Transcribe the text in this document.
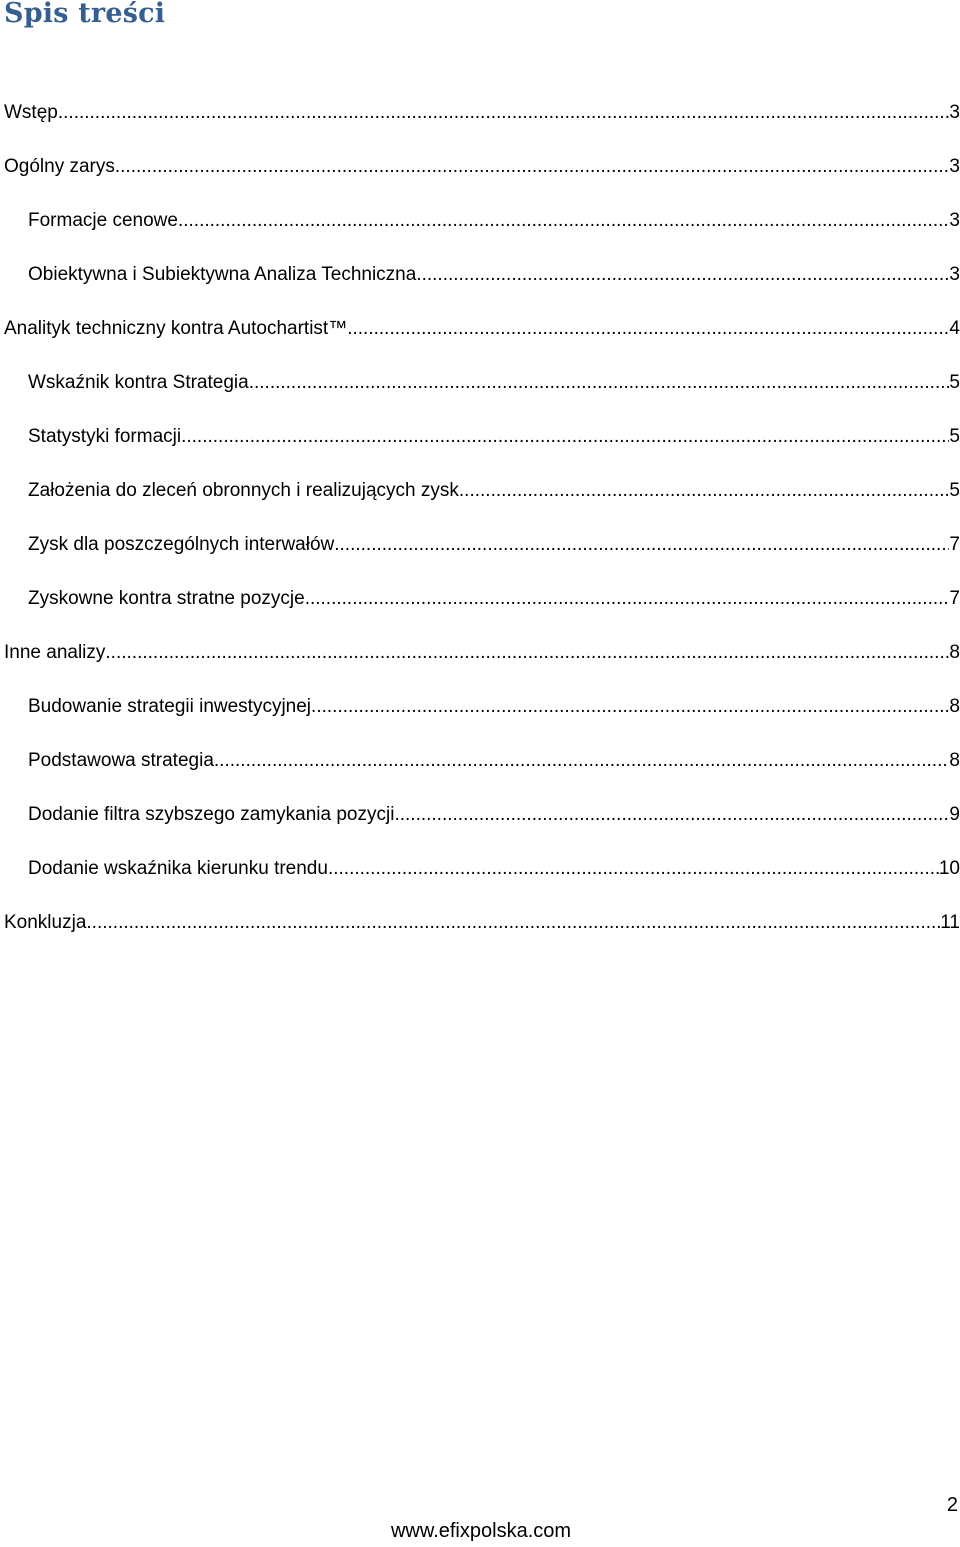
Spis treści
Wstęp .....	3
Ogólny zarys .....	3
Formacje cenowe .....	3
Obiektywna i Subiektywna Analiza Techniczna .....	3
Analityk techniczny kontra Autochartist™ .....	4
Wskaźnik kontra Strategia .....	5
Statystyki formacji .....	5
Założenia do zleceń obronnych i realizujących zysk .....	5
Zysk dla poszczególnych interwałów .....	7
Zyskowne kontra stratne pozycje .....	7
Inne analizy .....	8
Budowanie strategii inwestycyjnej .....	8
Podstawowa strategia .....	8
Dodanie filtra szybszego zamykania pozycji. .....	9
Dodanie wskaźnika kierunku trendu. .....	10
Konkluzja .....	11
2
www.efixpolska.com
